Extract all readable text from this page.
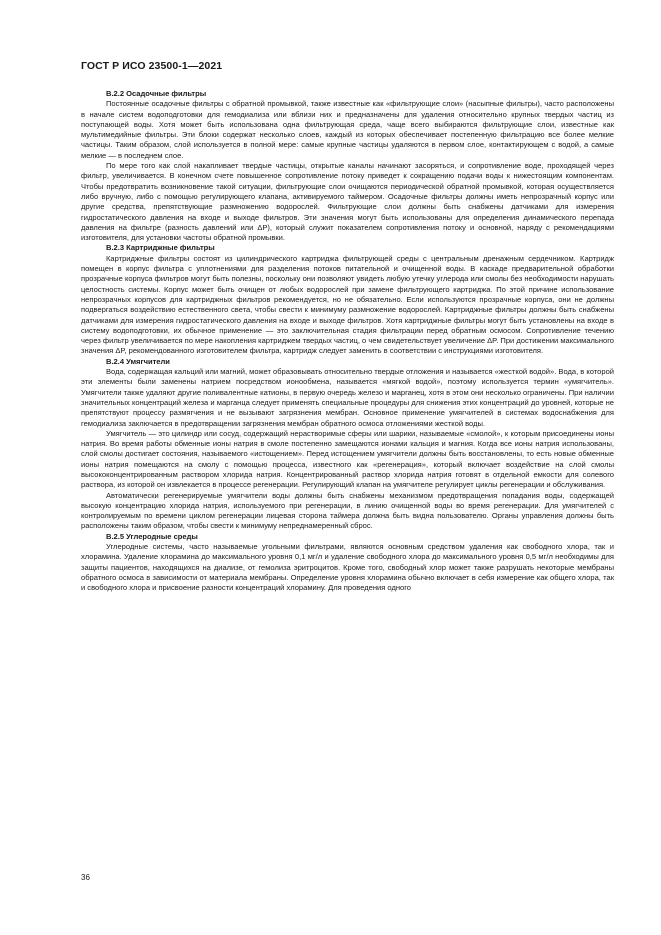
ГОСТ Р ИСО 23500-1—2021
В.2.2 Осадочные фильтры

Постоянные осадочные фильтры с обратной промывкой, также известные как «фильтрующие слои» (насыпные фильтры), часто расположены в начале систем водоподготовки для гемодиализа или вблизи них и предназначены для удаления относительно крупных твердых частиц из поступающей воды. Хотя может быть использована одна фильтрующая среда, чаще всего выбираются фильтрующие слои, известные как мультимедийные фильтры. Эти блоки содержат несколько слоев, каждый из которых обеспечивает постепенную фильтрацию все более мелкие частицы. Таким образом, слой используется в полной мере: самые крупные частицы удаляются в первом слое, контактирующем с водой, а самые мелкие — в последнем слое.

По мере того как слой накапливает твердые частицы, открытые каналы начинают засоряться, и сопротивление воде, проходящей через фильтр, увеличивается. В конечном счете повышенное сопротивление потоку приведет к сокращению подачи воды к нижестоящим компонентам. Чтобы предотвратить возникновение такой ситуации, фильтрующие слои очищаются периодической обратной промывкой, которая осуществляется либо вручную, либо с помощью регулирующего клапана, активируемого таймером. Осадочные фильтры должны иметь непрозрачный корпус или другие средства, препятствующие размножению водорослей. Фильтрующие слои должны быть снабжены датчиками для измерения гидростатического давления на входе и выходе фильтров. Эти значения могут быть использованы для определения динамического перепада давления на фильтре (разность давлений или ΔP), который служит показателем сопротивления потоку и основной, наряду с рекомендациями изготовителя, для установки частоты обратной промывки.

В.2.3 Картриджные фильтры

Картриджные фильтры состоят из цилиндрического картриджа фильтрующей среды с центральным дренажным сердечником. Картридж помещен в корпус фильтра с уплотнениями для разделения потоков питательной и очищенной воды. В каскаде предварительной обработки прозрачные корпуса фильтров могут быть полезны, поскольку они позволяют увидеть любую утечку углерода или смолы без необходимости нарушать целостность системы. Корпус может быть очищен от любых водорослей при замене фильтрующего картриджа. По этой причине использование непрозрачных корпусов для картриджных фильтров рекомендуется, но не обязательно. Если используются прозрачные корпуса, они не должны подвергаться воздействию естественного света, чтобы свести к минимуму размножение водорослей. Картриджные фильтры должны быть снабжены датчиками для измерения гидростатического давления на входе и выходе фильтров. Хотя картриджные фильтры могут быть установлены на входе в систему водоподготовки, их обычное применение — это заключительная стадия фильтрации перед обратным осмосом. Сопротивление течению через фильтр увеличивается по мере накопления картриджем твердых частиц, о чем свидетельствует увеличение ΔP. При достижении максимального значения ΔP, рекомендованного изготовителем фильтра, картридж следует заменить в соответствии с инструкциями изготовителя.

В.2.4 Умягчители

Вода, содержащая кальций или магний, может образовывать относительно твердые отложения и называется «жесткой водой». Вода, в которой эти элементы были заменены натрием посредством ионообмена, называется «мягкой водой», поэтому используется термин «умягчитель». Умягчители также удаляют другие поливалентные катионы, в первую очередь железо и марганец, хотя в этом они несколько ограничены. При наличии значительных концентраций железа и марганца следует применять специальные процедуры для снижения этих концентраций до уровней, которые не препятствуют процессу размягчения и не вызывают загрязнения мембран. Основное применение умягчителей в системах водоснабжения для гемодиализа заключается в предотвращении загрязнения мембран обратного осмоса отложениями жесткой воды.

Умягчитель — это цилиндр или сосуд, содержащий нерастворимые сферы или шарики, называемые «смолой», к которым присоединены ионы натрия. Во время работы обменные ионы натрия в смоле постепенно замещаются ионами кальция и магния. Когда все ионы натрия использованы, слой смолы достигает состояния, называемого «истощением». Перед истощением умягчители должны быть восстановлены, то есть новые обменные ионы натрия помещаются на смолу с помощью процесса, известного как «регенерация», который включает воздействие на слой смолы высококонцентрированным раствором хлорида натрия. Концентрированный раствор хлорида натрия готовят в отдельной емкости для солевого раствора, из которой он извлекается в процессе регенерации. Регулирующий клапан на умягчителе регулирует циклы регенерации и обслуживания.

Автоматически регенерируемые умягчители воды должны быть снабжены механизмом предотвращения попадания воды, содержащей высокую концентрацию хлорида натрия, используемого при регенерации, в линию очищенной воды во время регенерации. Для умягчителей с контролируемым по времени циклом регенерации лицевая сторона таймера должна быть видна пользователю. Органы управления должны быть расположены таким образом, чтобы свести к минимуму непреднамеренный сброс.

В.2.5 Углеродные среды

Углеродные системы, часто называемые угольными фильтрами, являются основным средством удаления как свободного хлора, так и хлорамина. Удаление хлорамина до максимального уровня 0,1 мг/л и удаление свободного хлора до максимального уровня 0,5 мг/л необходимы для защиты пациентов, находящихся на диализе, от гемолиза эритроцитов. Кроме того, свободный хлор может также разрушать некоторые мембраны обратного осмоса в зависимости от материала мембраны. Определение уровня хлорамина обычно включает в себя измерение как общего хлора, так и свободного хлора и присвоение разности концентраций хлорамину. Для проведения одного

36
